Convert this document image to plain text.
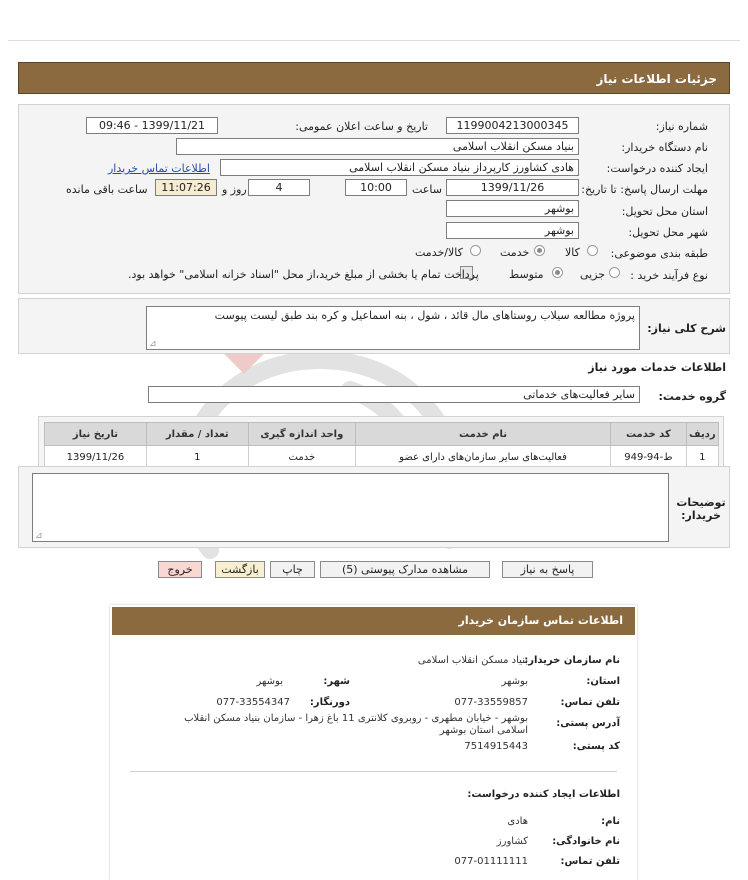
جزئیات اطلاعات نیاز
شماره نیاز:
1199004213000345
تاریخ و ساعت اعلان عمومی:
1399/11/21 - 09:46
نام دستگاه خریدار:
بنیاد مسکن انقلاب اسلامی
ایجاد کننده درخواست:
هادی کشاورز کارپرداز بنیاد مسکن انقلاب اسلامی
اطلاعات تماس خریدار
مهلت ارسال پاسخ: تا تاریخ:
1399/11/26
ساعت
10:00
4
روز و
11:07:26
ساعت باقی مانده
استان محل تحویل:
بوشهر
شهر محل تحویل:
بوشهر
طبقه بندی موضوعی:
کالا
خدمت
کالا/خدمت
نوع فرآیند خرید :
جزیی
متوسط
پرداخت تمام یا بخشی از مبلغ خرید،از محل "اسناد خزانه اسلامی" خواهد بود.
شرح کلی نیاز:
پروژه مطالعه سیلاب روستاهای مال قائد ، شول ، بنه اسماعیل و کره بند طبق لیست پیوست
⊿
اطلاعات خدمات مورد نیاز
گروه خدمت:
سایر فعالیت‌های خدماتی
ردیف	کد خدمت	نام خدمت	واحد اندازه گیری	تعداد / مقدار	تاریخ نیاز
1	ط-94-949	فعالیت‌های سایر سازمان‌های دارای عضو	خدمت	1	1399/11/26
توضیحات خریدار:
⊿
پاسخ به نیاز
مشاهده مدارک پیوستی (5)
چاپ
بازگشت
خروج
اطلاعات تماس سازمان خریدار
نام سازمان خریدار:
بنیاد مسکن انقلاب اسلامی
استان:
بوشهر
شهر:
بوشهر
تلفن تماس:
077-33559857
دورنگار:
077-33554347
آدرس پستی:
بوشهر - خیابان مطهری - روبروی کلانتری 11 باغ زهرا - سازمان بنیاد مسکن انقلاب اسلامی استان بوشهر
کد پستی:
7514915443
اطلاعات ایجاد کننده درخواست:
نام:
هادی
نام خانوادگی:
کشاورز
تلفن تماس:
077-01111111
